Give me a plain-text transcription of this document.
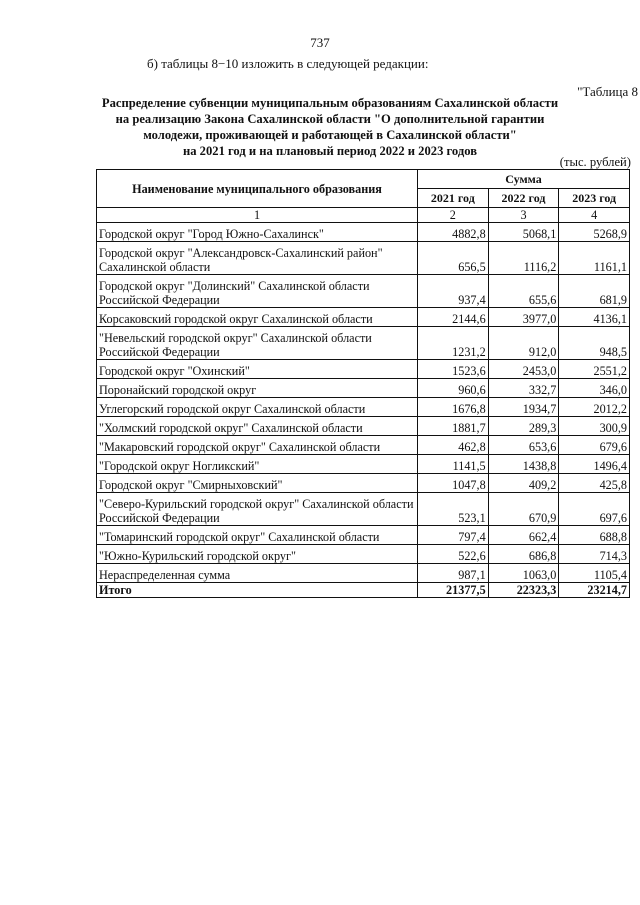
737
б) таблицы 8−10 изложить в следующей редакции:
"Таблица 8
Распределение субвенции муниципальным образованиям Сахалинской области
на реализацию Закона Сахалинской области "О дополнительной гарантии
молодежи, проживающей и работающей в Сахалинской области"
на 2021 год и на плановый период 2022 и 2023 годов
(тыс. рублей)
Наименование муниципального образования	Сумма		
	2021 год	2022 год	2023 год
1	2	3	4
Городской округ "Город Южно-Сахалинск"	4882,8	5068,1	5268,9
Городской округ "Александровск-Сахалинский район" Сахалинской области	656,5	1116,2	1161,1
Городской округ "Долинский" Сахалинской области Российской Федерации	937,4	655,6	681,9
Корсаковский городской округ Сахалинской области	2144,6	3977,0	4136,1
"Невельский городской округ" Сахалинской области Российской Федерации	1231,2	912,0	948,5
Городской округ "Охинский"	1523,6	2453,0	2551,2
Поронайский городской округ	960,6	332,7	346,0
Углегорский городской округ Сахалинской области	1676,8	1934,7	2012,2
"Холмский городской округ" Сахалинской области	1881,7	289,3	300,9
"Макаровский городской округ" Сахалинской области	462,8	653,6	679,6
"Городской округ Ногликский"	1141,5	1438,8	1496,4
Городской округ "Смирныховский"	1047,8	409,2	425,8
"Северо-Курильский городской округ" Сахалинской области Российской Федерации	523,1	670,9	697,6
"Томаринский городской округ" Сахалинской области	797,4	662,4	688,8
"Южно-Курильский городской округ"	522,6	686,8	714,3
Нераспределенная сумма	987,1	1063,0	1105,4
Итого	21377,5	22323,3	23214,7
